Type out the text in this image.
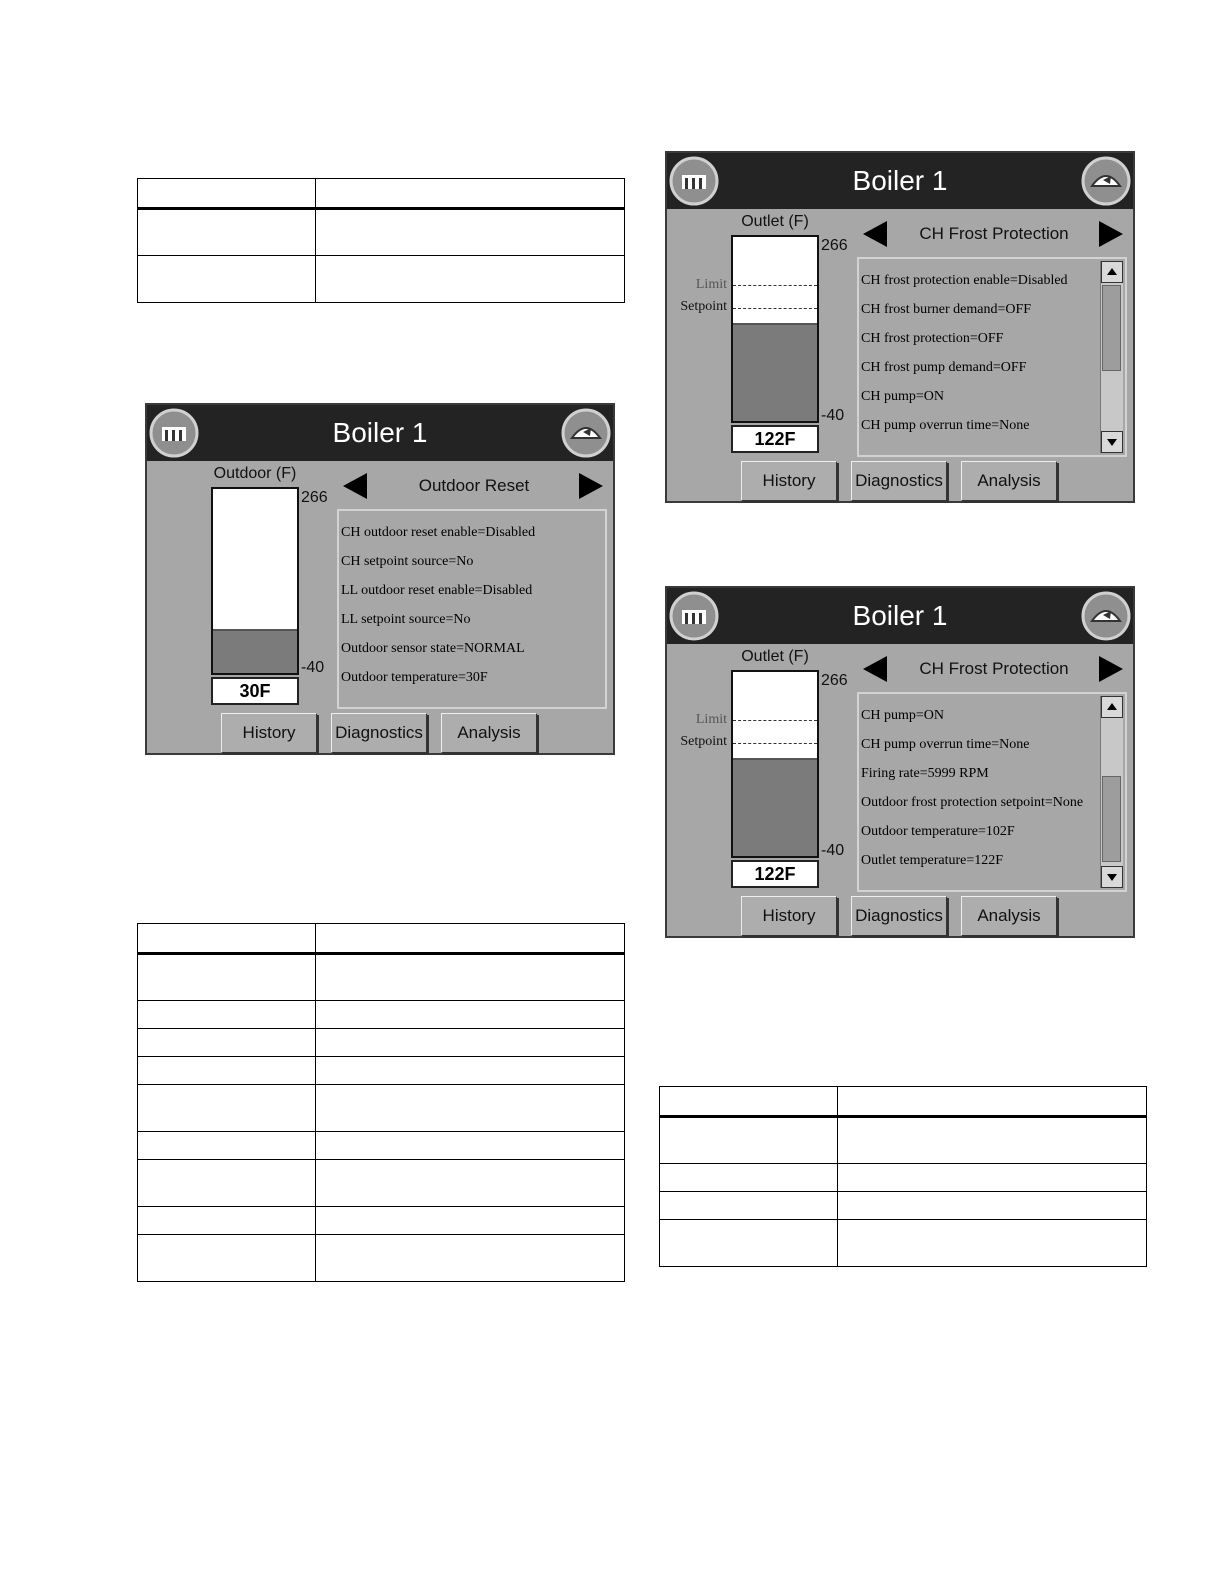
Boiler 1
Outdoor (F)
266
-40
30F
Outdoor Reset
CH outdoor reset enable=Disabled
CH setpoint source=No
LL outdoor reset enable=Disabled
LL setpoint source=No
Outdoor sensor state=NORMAL
Outdoor temperature=30F
History	Diagnostics	Analysis
Boiler 1
Outlet (F)
Limit
Setpoint
266
-40
122F
CH Frost Protection
CH frost protection enable=Disabled
CH frost burner demand=OFF
CH frost protection=OFF
CH frost pump demand=OFF
CH pump=ON
CH pump overrun time=None
History	Diagnostics	Analysis
Boiler 1
Outlet (F)
Limit
Setpoint
266
-40
122F
CH Frost Protection
CH pump=ON
CH pump overrun time=None
Firing rate=5999 RPM
Outdoor frost protection setpoint=None
Outdoor temperature=102F
Outlet temperature=122F
History	Diagnostics	Analysis
